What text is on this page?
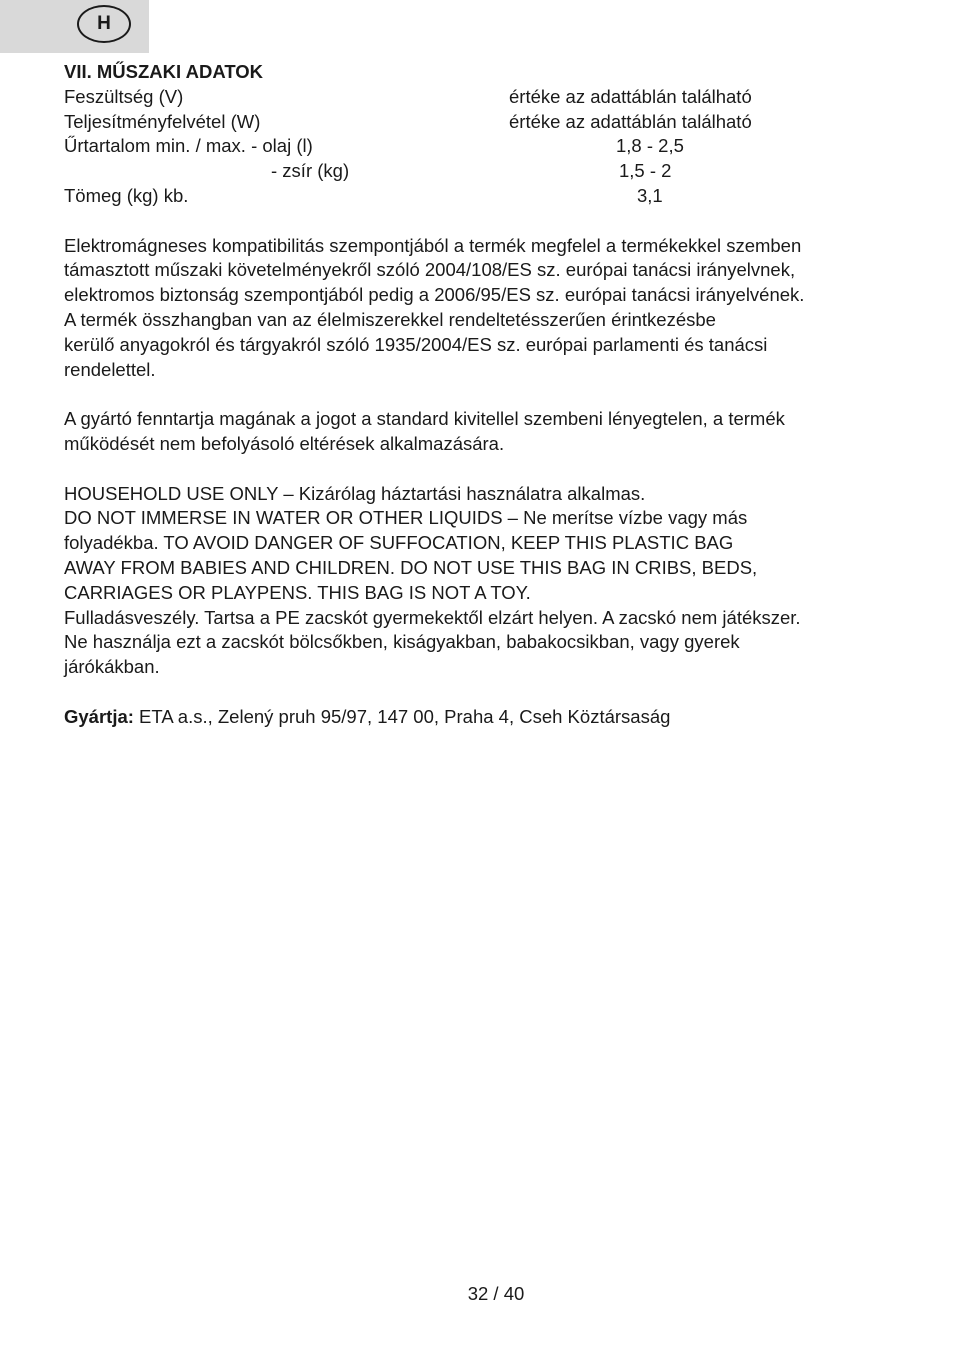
H
VII. MŰSZAKI ADATOK
Feszültség (V)	értéke az adattáblán található
Teljesítményfelvétel (W)	értéke az adattáblán található
Űrtartalom min. / max. - olaj (l)	1,8 - 2,5
- zsír (kg)	1,5 - 2
Tömeg (kg) kb.	3,1
Elektromágneses kompatibilitás szempontjából a termék megfelel a termékekkel szemben
támasztott műszaki követelményekről szóló 2004/108/ES sz. európai tanácsi irányelvnek,
elektromos biztonság szempontjából pedig a 2006/95/ES sz. európai tanácsi irányelvének.
A termék összhangban van az élelmiszerekkel rendeltetésszerűen érintkezésbe
kerülő anyagokról és tárgyakról szóló 1935/2004/ES sz. európai parlamenti és tanácsi
rendelettel.
A gyártó fenntartja magának a jogot a standard kivitellel szembeni lényegtelen, a termék
működését nem befolyásoló eltérések alkalmazására.
HOUSEHOLD USE ONLY – Kizárólag háztartási használatra alkalmas.
DO NOT IMMERSE IN WATER OR OTHER LIQUIDS – Ne merítse vízbe vagy más
folyadékba. TO AVOID DANGER OF SUFFOCATION, KEEP THIS PLASTIC BAG
AWAY FROM BABIES AND CHILDREN. DO NOT USE THIS BAG IN CRIBS, BEDS,
CARRIAGES OR PLAYPENS. THIS BAG IS NOT A TOY.
Fulladásveszély. Tartsa a PE zacskót gyermekektől elzárt helyen. A zacskó nem játékszer.
Ne használja ezt a zacskót bölcsőkben, kiságyakban, babakocsikban, vagy gyerek
járókákban.
Gyártja: ETA a.s., Zelený pruh 95/97, 147 00, Praha 4, Cseh Köztársaság
32 / 40
